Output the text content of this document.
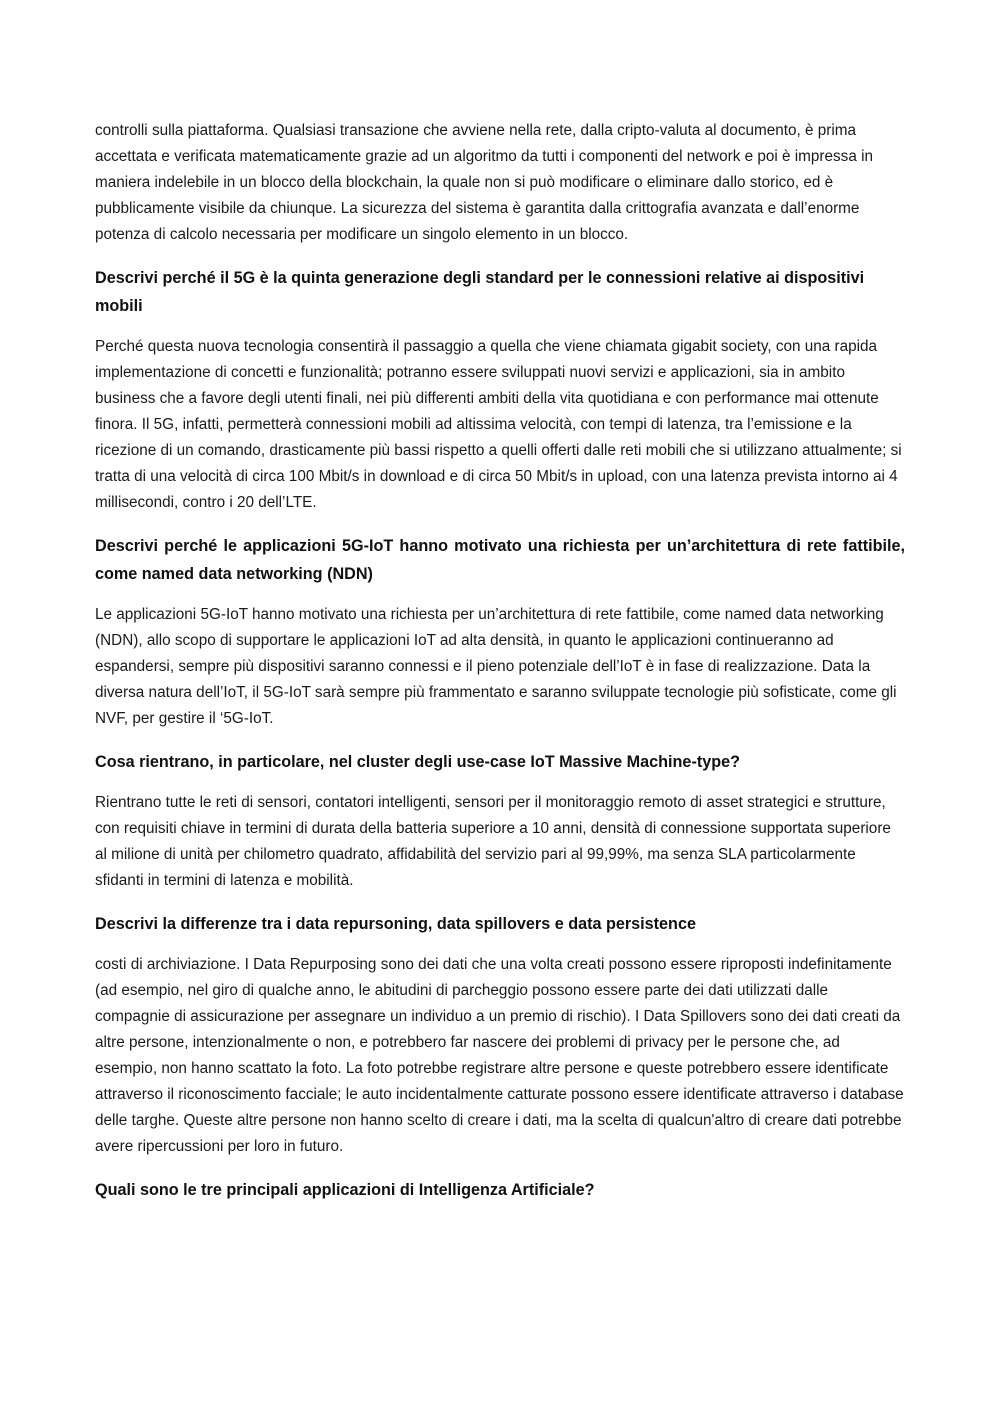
controlli sulla piattaforma. Qualsiasi transazione che avviene nella rete, dalla cripto-valuta al documento, è prima accettata e verificata matematicamente grazie ad un algoritmo da tutti i componenti del network e poi è impressa in maniera indelebile in un blocco della blockchain, la quale non si può modificare o eliminare dallo storico, ed è pubblicamente visibile da chiunque. La sicurezza del sistema è garantita dalla crittografia avanzata e dall’enorme potenza di calcolo necessaria per modificare un singolo elemento in un blocco.

Descrivi perché il 5G è la quinta generazione degli standard per le connessioni relative ai dispositivi mobili

Perché questa nuova tecnologia consentirà il passaggio a quella che viene chiamata gigabit society, con una rapida implementazione di concetti e funzionalità; potranno essere sviluppati nuovi servizi e applicazioni, sia in ambito business che a favore degli utenti finali, nei più differenti ambiti della vita quotidiana e con performance mai ottenute finora. Il 5G, infatti, permetterà connessioni mobili ad altissima velocità, con tempi di latenza, tra l’emissione e la ricezione di un comando, drasticamente più bassi rispetto a quelli offerti dalle reti mobili che si utilizzano attualmente; si tratta di una velocità di circa 100 Mbit/s in download e di circa 50 Mbit/s in upload, con una latenza prevista intorno ai 4 millisecondi, contro i 20 dell’LTE.

Descrivi perché le applicazioni 5G-IoT hanno motivato una richiesta per un’architettura di rete fattibile, come named data networking (NDN)

Le applicazioni 5G-IoT hanno motivato una richiesta per un’architettura di rete fattibile, come named data networking (NDN), allo scopo di supportare le applicazioni IoT ad alta densità, in quanto le applicazioni continueranno ad espandersi, sempre più dispositivi saranno connessi e il pieno potenziale dell’IoT è in fase di realizzazione. Data la diversa natura dell’IoT, il 5G-IoT sarà sempre più frammentato e saranno sviluppate tecnologie più sofisticate, come gli NVF, per gestire il ‘5G-IoT.

Cosa rientrano, in particolare, nel cluster degli use-case IoT Massive Machine-type?

Rientrano tutte le reti di sensori, contatori intelligenti, sensori per il monitoraggio remoto di asset strategici e strutture, con requisiti chiave in termini di durata della batteria superiore a 10 anni, densità di connessione supportata superiore al milione di unità per chilometro quadrato, affidabilità del servizio pari al 99,99%, ma senza SLA particolarmente sfidanti in termini di latenza e mobilità.

Descrivi la differenze tra i data repursoning, data spillovers e data persistence

costi di archiviazione. I Data Repurposing sono dei dati che una volta creati possono essere riproposti indefinitamente (ad esempio, nel giro di qualche anno, le abitudini di parcheggio possono essere parte dei dati utilizzati dalle compagnie di assicurazione per assegnare un individuo a un premio di rischio). I Data Spillovers sono dei dati creati da altre persone, intenzionalmente o non, e potrebbero far nascere dei problemi di privacy per le persone che, ad esempio, non hanno scattato la foto. La foto potrebbe registrare altre persone e queste potrebbero essere identificate attraverso il riconoscimento facciale; le auto incidentalmente catturate possono essere identificate attraverso i database delle targhe. Queste altre persone non hanno scelto di creare i dati, ma la scelta di qualcun'altro di creare dati potrebbe avere ripercussioni per loro in futuro.

Quali sono le tre principali applicazioni di Intelligenza Artificiale?
